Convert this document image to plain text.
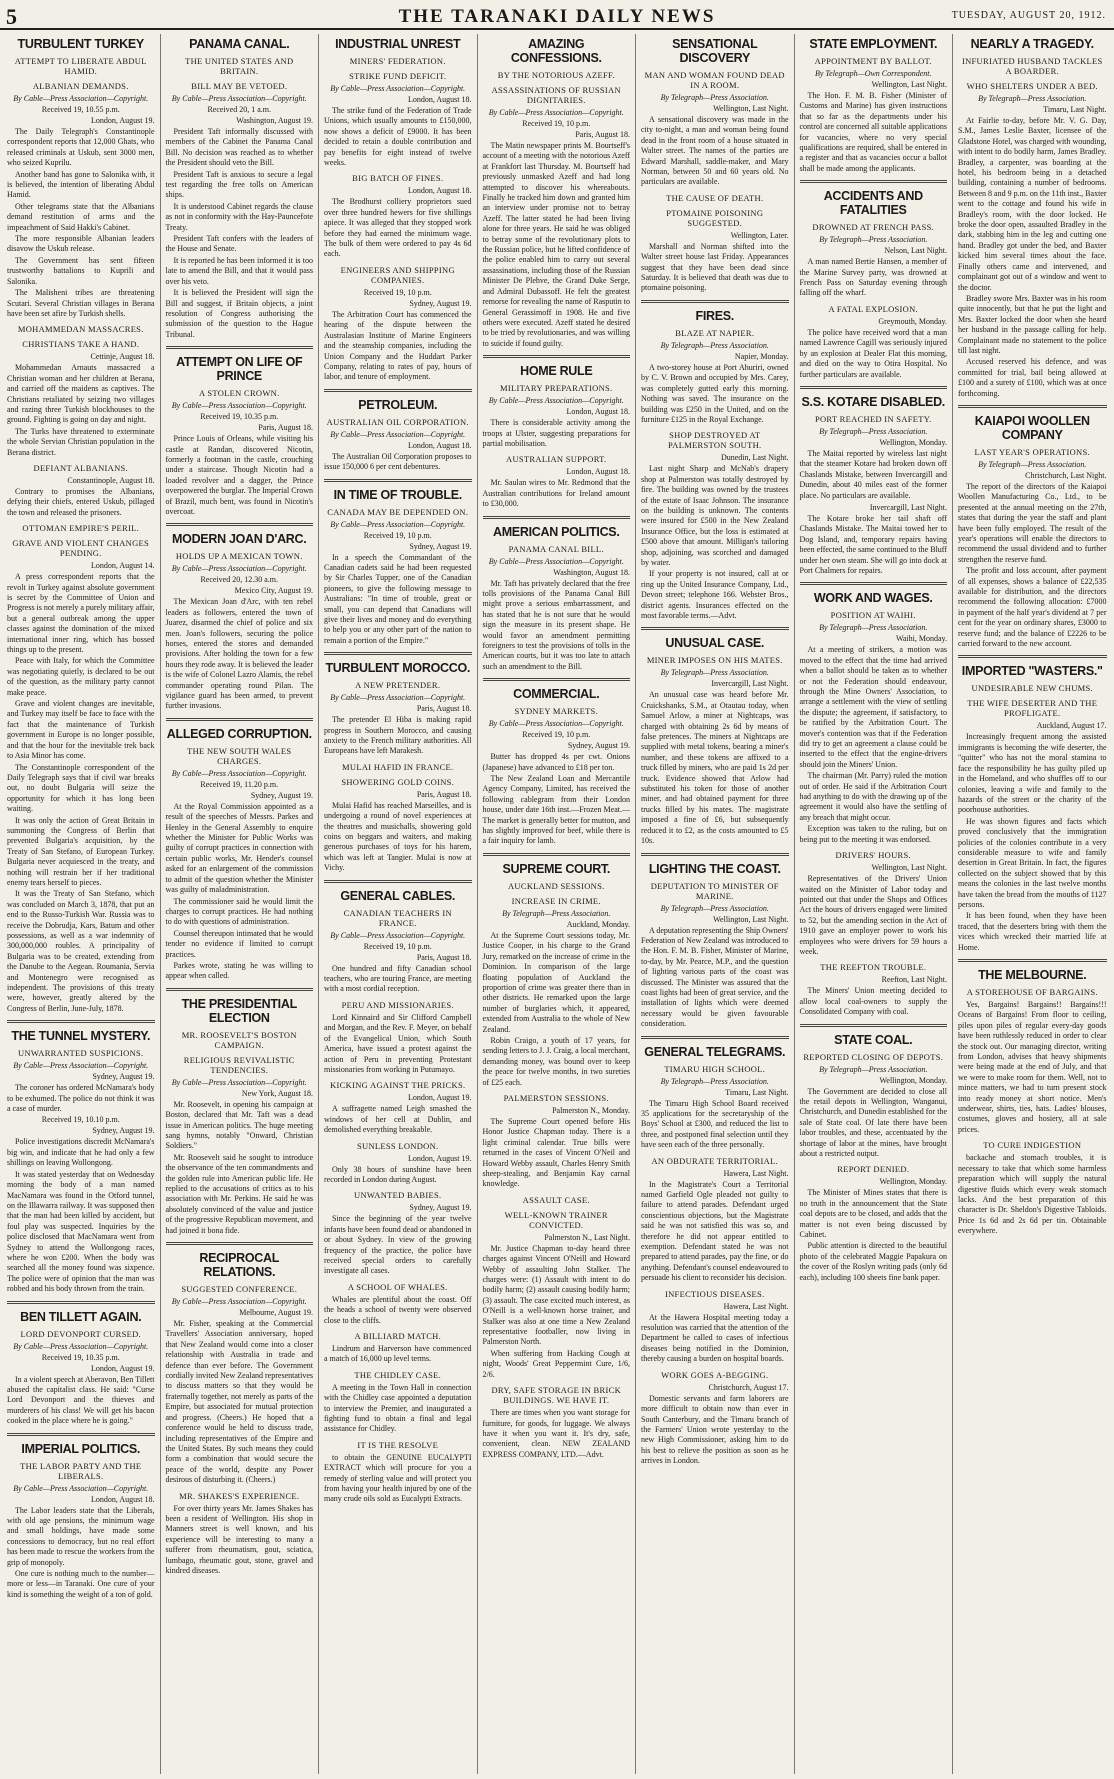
5	THE TARANAKI DAILY NEWS	TUESDAY, AUGUST 20, 1912.
TURBULENT TURKEY
ATTEMPT TO LIBERATE ABDUL HAMID.
ALBANIAN DEMANDS.
By Cable—Press Association—Copyright.
Received 19, 10.55 p.m.
London, August 19.
The Daily Telegraph's Constantinople correspondent reports that 12,000 Ghats, who released criminals at Uskub, sent 3000 men, who seized Kuprilu.
Another band has gone to Salonika with, it is believed, the intention of liberating Abdul Hamid.
Other telegrams state that the Albanians demand restitution of arms and the impeachment of Said Hakki's Cabinet.
The more responsible Albanian leaders disavow the Uskub release.
The Government has sent fifteen trustworthy battalions to Kuprili and Salonika.
The Malisheni tribes are threatening Scutari. Several Christian villages in Berana have been set afire by Turkish shells.
MOHAMMEDAN MASSACRES.
CHRISTIANS TAKE A HAND.
Cettinje, August 18.
Mohammedan Arnauts massacred a Christian woman and her children at Berana, and carried off the maidens as captives. The Christians retaliated by seizing two villages and razing three Turkish blockhouses to the ground. Fighting is going on day and night.
The Turks have threatened to exterminate the whole Servian Christian population in the Berana district.
DEFIANT ALBANIANS.
Constantinople, August 18.
Contrary to promises the Albanians, defying their chiefs, entered Uskub, pillaged the town and released the prisoners.
OTTOMAN EMPIRE'S PERIL.
GRAVE AND VIOLENT CHANGES PENDING.
London, August 14.
A press correspondent reports that the revolt in Turkey against absolute government is secret by the Committee of Union and Progress is not merely a purely military affair, but a general outbreak among the upper classes against the domination of the mixed international inner ring, which has bossed things up to the present.
Peace with Italy, for which the Committee was negotiating quietly, is declared to be out of the question, as the military party cannot make peace.
Grave and violent changes are inevitable, and Turkey may itself be face to face with the fact that the maintenance of Turkish government in Europe is no longer possible, and that the hour for the inevitable trek back to Asia Minor has come.
The Constantinople correspondent of the Daily Telegraph says that if civil war breaks out, no doubt Bulgaria will seize the opportunity for which it has long been waiting.
It was only the action of Great Britain in summoning the Congress of Berlin that prevented Bulgaria's acquisition, by the Treaty of San Stefano, of European Turkey. Bulgaria never acquiesced in the treaty, and nothing will restrain her if her traditional enemy tears herself to pieces.
It was the Treaty of San Stefano, which was concluded on March 3, 1878, that put an end to the Russo-Turkish War. Russia was to receive the Dobrudja, Kars, Batum and other possessions, as well as a war indemnity of 300,000,000 roubles. A principality of Bulgaria was to be created, extending from the Danube to the Aegean. Roumania, Servia and Montenegro were recognised as independent. The provisions of this treaty were, however, greatly altered by the Congress of Berlin, June-July, 1878.
THE TUNNEL MYSTERY.
UNWARRANTED SUSPICIONS.
By Cable—Press Association—Copyright.
Sydney, August 19.
The coroner has ordered McNamara's body to be exhumed. The police do not think it was a case of murder.
Received 19, 10.10 p.m.
Sydney, August 19.
Police investigations discredit McNamara's big win, and indicate that he had only a few shillings on leaving Wollongong.
It was stated yesterday that on Wednesday morning the body of a man named MacNamara was found in the Otford tunnel, on the Illawarra railway. It was supposed then that the man had been killed by accident, but foul play was suspected. Inquiries by the police disclosed that MacNamara went from Sydney to attend the Wollongong races, where he won £200. When the body was searched all the money found was sixpence. The police were of opinion that the man was robbed and his body thrown from the train.
BEN TILLETT AGAIN.
LORD DEVONPORT CURSED.
By Cable—Press Association—Copyright.
Received 19, 10.35 p.m.
London, August 19.
In a violent speech at Aberavon, Ben Tillett abused the capitalist class. He said: "Curse Lord Devonport and the thieves and murderers of his class! We will get his bacon cooked in the place where he is going."
IMPERIAL POLITICS.
THE LABOR PARTY AND THE LIBERALS.
By Cable—Press Association—Copyright.
London, August 18.
The Labor leaders state that the Liberals, with old age pensions, the minimum wage and small holdings, have made some concessions to democracy, but no real effort has been made to rescue the workers from the grip of monopoly.
One cure is nothing much to the number—more or less—in Taranaki. One cure of your kind is something the weight of a ton of gold.
PANAMA CANAL.
THE UNITED STATES AND BRITAIN.
BILL MAY BE VETOED.
By Cable—Press Association—Copyright.
Received 20, 1 a.m.
Washington, August 19.
President Taft informally discussed with members of the Cabinet the Panama Canal Bill. No decision was reached as to whether the President should veto the Bill.
President Taft is anxious to secure a legal test regarding the free tolls on American ships.
It is understood Cabinet regards the clause as not in conformity with the Hay-Pauncefote Treaty.
President Taft confers with the leaders of the House and Senate.
It is reported he has been informed it is too late to amend the Bill, and that it would pass over his veto.
It is believed the President will sign the Bill and suggest, if Britain objects, a joint resolution of Congress authorising the submission of the question to the Hague Tribunal.
ATTEMPT ON LIFE OF PRINCE
A STOLEN CROWN.
By Cable—Press Association—Copyright.
Received 19, 10.35 p.m.
Paris, August 18.
Prince Louis of Orleans, while visiting his castle at Randan, discovered Nicotin, formerly a footman in the castle, crouching under a staircase. Though Nicotin had a loaded revolver and a dagger, the Prince overpowered the burglar. The Imperial Crown of Brazil, much bent, was found in Nicotin's overcoat.
MODERN JOAN D'ARC.
HOLDS UP A MEXICAN TOWN.
By Cable—Press Association—Copyright.
Received 20, 12.30 a.m.
Mexico City, August 19.
The Mexican Joan d'Arc, with ten rebel leaders as followers, entered the town of Juarez, disarmed the chief of police and six men. Joan's followers, securing the police horses, entered the stores and demanded provisions. After holding the town for a few hours they rode away. It is believed the leader is the wife of Colonel Lazro Alamis, the rebel commander operating round Pilan. The vigilance guard has been armed, to prevent further invasions.
ALLEGED CORRUPTION.
THE NEW SOUTH WALES CHARGES.
By Cable—Press Association—Copyright.
Received 19, 11.20 p.m.
Sydney, August 19.
At the Royal Commission appointed as a result of the speeches of Messrs. Parkes and Henley in the General Assembly to enquire whether the Minister for Public Works was guilty of corrupt practices in connection with certain public works, Mr. Hender's counsel asked for an enlargement of the commission to admit of the question whether the Minister was guilty of maladministration.
The commissioner said he would limit the charges to corrupt practices. He had nothing to do with questions of administration.
Counsel thereupon intimated that he would tender no evidence if limited to corrupt practices.
Parkes wrote, stating he was willing to appear when called.
THE PRESIDENTIAL ELECTION
MR. ROOSEVELT'S BOSTON CAMPAIGN.
RELIGIOUS REVIVALISTIC TENDENCIES.
By Cable—Press Association—Copyright.
New York, August 18.
Mr. Roosevelt, in opening his campaign at Boston, declared that Mr. Taft was a dead issue in American politics. The huge meeting sang hymns, notably "Onward, Christian Soldiers."
Mr. Roosevelt said he sought to introduce the observance of the ten commandments and the golden rule into American public life. He replied to the accusations of critics as to his association with Mr. Perkins. He said he was absolutely convinced of the value and justice of the progressive Republican movement, and had joined it bona fide.
RECIPROCAL RELATIONS.
SUGGESTED CONFERENCE.
By Cable—Press Association—Copyright.
Melbourne, August 19.
Mr. Fisher, speaking at the Commercial Travellers' Association anniversary, hoped that New Zealand would come into a closer relationship with Australia in trade and defence than ever before. The Government cordially invited New Zealand representatives to discuss matters so that they would be fraternally together, not merely as parts of the Empire, but associated for mutual protection and progress. (Cheers.) He hoped that a conference would be held to discuss trade, including representatives of the Empire and the United States. By such means they could form a combination that would secure the peace of the world, despite any Power desirous of disturbing it. (Cheers.)
MR. SHAKES'S EXPERIENCE.
For over thirty years Mr. James Shakes has been a resident of Wellington. His shop in Manners street is well known, and his experience will be interesting to many a sufferer from rheumatism, gout, sciatica, lumbago, rheumatic gout, stone, gravel and kindred diseases.
INDUSTRIAL UNREST
MINERS' FEDERATION.
STRIKE FUND DEFICIT.
By Cable—Press Association—Copyright.
London, August 18.
The strike fund of the Federation of Trade Unions, which usually amounts to £150,000, now shows a deficit of £9000. It has been decided to retain a double contribution and pay benefits for eight instead of twelve weeks.
BIG BATCH OF FINES.
London, August 18.
The Brodhurst colliery proprietors sued over three hundred hewers for five shillings apiece. It was alleged that they stopped work before they had earned the minimum wage. The bulk of them were ordered to pay 4s 6d each.
ENGINEERS AND SHIPPING COMPANIES.
Received 19, 10 p.m.
Sydney, August 19.
The Arbitration Court has commenced the hearing of the dispute between the Australasian Institute of Marine Engineers and the steamship companies, including the Union Company and the Huddart Parker Company, relating to rates of pay, hours of labor, and tenure of employment.
PETROLEUM.
AUSTRALIAN OIL CORPORATION.
By Cable—Press Association—Copyright.
London, August 18.
The Australian Oil Corporation proposes to issue 150,000 6 per cent debentures.
IN TIME OF TROUBLE.
CANADA MAY BE DEPENDED ON.
By Cable—Press Association—Copyright.
Received 19, 10 p.m.
Sydney, August 19.
In a speech the Commandant of the Canadian cadets said he had been requested by Sir Charles Tupper, one of the Canadian pioneers, to give the following message to Australians: "In time of trouble, great or small, you can depend that Canadians will give their lives and money and do everything to help you or any other part of the nation to remain a portion of the Empire."
TURBULENT MOROCCO.
A NEW PRETENDER.
By Cable—Press Association—Copyright.
Paris, August 18.
The pretender El Hiba is making rapid progress in Southern Morocco, and causing anxiety to the French military authorities. All Europeans have left Marakesh.
MULAI HAFID IN FRANCE.
SHOWERING GOLD COINS.
Paris, August 18.
Mulai Hafid has reached Marseilles, and is undergoing a round of novel experiences at the theatres and musichalls, showering gold coins on beggars and waiters, and making generous purchases of toys for his harem, which was left at Tangier. Mulai is now at Vichy.
GENERAL CABLES.
CANADIAN TEACHERS IN FRANCE.
By Cable—Press Association—Copyright.
Received 19, 10 p.m.
Paris, August 18.
One hundred and fifty Canadian school teachers, who are touring France, are meeting with a most cordial reception.
PERU AND MISSIONARIES.
Lord Kinnaird and Sir Clifford Campbell and Morgan, and the Rev. F. Meyer, on behalf of the Evangelical Union, which South America, have issued a protest against the action of Peru in preventing Protestant missionaries from working in Putumayo.
KICKING AGAINST THE PRICKS.
London, August 19.
A suffragette named Leigh smashed the windows of her cell at Dublin, and demolished everything breakable.
SUNLESS LONDON.
London, August 19.
Only 38 hours of sunshine have been recorded in London during August.
UNWANTED BABIES.
Sydney, August 19.
Since the beginning of the year twelve infants have been found dead or abandoned in or about Sydney. In view of the growing frequency of the practice, the police have received special orders to carefully investigate all cases.
A SCHOOL OF WHALES.
Whales are plentiful about the coast. Off the heads a school of twenty were observed close to the cliffs.
A BILLIARD MATCH.
Lindrum and Harverson have commenced a match of 16,000 up level terms.
THE CHIDLEY CASE.
A meeting in the Town Hall in connection with the Chidley case appointed a deputation to interview the Premier, and inaugurated a fighting fund to obtain a final and legal assistance for Chidley.
IT IS THE RESOLVE
to obtain the GENUINE EUCALYPTI EXTRACT which will procure for you a remedy of sterling value and will protect you from having your health injured by one of the many crude oils sold as Eucalypti Extracts.
AMAZING CONFESSIONS.
BY THE NOTORIOUS AZEFF.
ASSASSINATIONS OF RUSSIAN DIGNITARIES.
By Cable—Press Association—Copyright.
Received 19, 10 p.m.
Paris, August 18.
The Matin newspaper prints M. Bourtseff's account of a meeting with the notorious Azeff at Frankfort last Thursday. M. Bourtseff had previously unmasked Azeff and had long attempted to discover his whereabouts. Finally he tracked him down and granted him an interview under promise not to betray Azeff. The latter stated he had been living alone for three years. He said he was obliged to betray some of the revolutionary plots to the Russian police, but he lifted confidence of the police enabled him to carry out several assassinations, including those of the Russian Minister De Plehve, the Grand Duke Serge, and Admiral Dubassoff. He felt the greatest remorse for revealing the name of Rasputin to General Gerassimoff in 1908. He and five others were executed. Azeff stated he desired to be tried by revolutionaries, and was willing to suicide if found guilty.
HOME RULE
MILITARY PREPARATIONS.
By Cable—Press Association—Copyright.
London, August 18.
There is considerable activity among the troops at Ulster, suggesting preparations for partial mobilisation.
AUSTRALIAN SUPPORT.
London, August 18.
Mr. Saulan wires to Mr. Redmond that the Australian contributions for Ireland amount to £30,000.
AMERICAN POLITICS.
PANAMA CANAL BILL.
By Cable—Press Association—Copyright.
Washington, August 18.
Mr. Taft has privately declared that the free tolls provisions of the Panama Canal Bill might prove a serious embarrassment, and has stated that he is not sure that he would sign the measure in its present shape. He would favor an amendment permitting foreigners to test the provisions of tolls in the American courts, but it was too late to attach such an amendment to the Bill.
COMMERCIAL.
SYDNEY MARKETS.
By Cable—Press Association—Copyright.
Received 19, 10 p.m.
Sydney, August 19.
Butter has dropped 4s per cwt. Onions (Japanese) have advanced to £18 per ton.
The New Zealand Loan and Mercantile Agency Company, Limited, has received the following cablegram from their London house, under date 16th inst.—Frozen Meat.—The market is generally better for mutton, and has slightly improved for beef, while there is a fair inquiry for lamb.
SUPREME COURT.
AUCKLAND SESSIONS.
INCREASE IN CRIME.
By Telegraph—Press Association.
Auckland, Monday.
At the Supreme Court sessions today, Mr. Justice Cooper, in his charge to the Grand Jury, remarked on the increase of crime in the Dominion. In comparison of the large floating population of Auckland the proportion of crime was greater there than in other districts. He remarked upon the large number of burglaries which, it appeared, extended from Australia to the whole of New Zealand.
Robin Craigo, a youth of 17 years, for sending letters to J. J. Craig, a local merchant, demanding money, was bound over to keep the peace for twelve months, in two sureties of £25 each.
PALMERSTON SESSIONS.
Palmerston N., Monday.
The Supreme Court opened before His Honor Justice Chapman today. There is a light criminal calendar. True bills were returned in the cases of Vincent O'Neil and Howard Webby assault, Charles Henry Smith sheep-stealing, and Benjamin Kay carnal knowledge.
ASSAULT CASE.
WELL-KNOWN TRAINER CONVICTED.
Palmerston N., Last Night.
Mr. Justice Chapman to-day heard three charges against Vincent O'Neill and Howard Webby of assaulting John Stalker. The charges were: (1) Assault with intent to do bodily harm; (2) assault causing bodily harm; (3) assault. The case excited much interest, as O'Neill is a well-known horse trainer, and Stalker was also at one time a New Zealand representative footballer, now living in Palmerston North.
When suffering from Hacking Cough at night, Woods' Great Peppermint Cure, 1/6, 2/6.
DRY, SAFE STORAGE IN BRICK BUILDINGS. WE HAVE IT.
There are times when you want storage for furniture, for goods, for luggage. We always have it when you want it. It's dry, safe, convenient, clean. NEW ZEALAND EXPRESS COMPANY, LTD.—Advt.
SENSATIONAL DISCOVERY
MAN AND WOMAN FOUND DEAD IN A ROOM.
By Telegraph—Press Association.
Wellington, Last Night.
A sensational discovery was made in the city to-night, a man and woman being found dead in the front room of a house situated in Walter street. The names of the parties are Edward Marshall, saddle-maker, and Mary Norman, between 50 and 60 years old. No particulars are available.
THE CAUSE OF DEATH.
PTOMAINE POISONING SUGGESTED.
Wellington, Later.
Marshall and Norman shifted into the Walter street house last Friday. Appearances suggest that they have been dead since Saturday. It is believed that death was due to ptomaine poisoning.
FIRES.
BLAZE AT NAPIER.
By Telegraph—Press Association.
Napier, Monday.
A two-storey house at Port Ahuriri, owned by C. V. Brown and occupied by Mrs. Carey, was completely gutted early this morning. Nothing was saved. The insurance on the building was £250 in the United, and on the furniture £125 in the Royal Exchange.
SHOP DESTROYED AT PALMERSTON SOUTH.
Dunedin, Last Night.
Last night Sharp and McNab's drapery shop at Palmerston was totally destroyed by fire. The building was owned by the trustees of the estate of Isaac Johnson. The insurance on the building is unknown. The contents were insured for £500 in the New Zealand Insurance Office, but the loss is estimated at £500 above that amount. Milligan's tailoring shop, adjoining, was scorched and damaged by water.
If your property is not insured, call at or ring up the United Insurance Company, Ltd., Devon street; telephone 166. Webster Bros., district agents. Insurances effected on the most favorable terms.—Advt.
UNUSUAL CASE.
MINER IMPOSES ON HIS MATES.
By Telegraph—Press Association.
Invercargill, Last Night.
An unusual case was heard before Mr. Cruickshanks, S.M., at Otautau today, when Samuel Arlow, a miner at Nightcaps, was charged with obtaining 2s 6d by means of false pretences. The miners at Nightcaps are supplied with metal tokens, bearing a miner's number, and these tokens are affixed to a truck filled by miners, who are paid 1s 2d per truck. Evidence showed that Arlow had substituted his token for those of another miner, and had obtained payment for three trucks filled by his mates. The magistrate imposed a fine of £6, but subsequently reduced it to £2, as the costs amounted to £5 10s.
LIGHTING THE COAST.
DEPUTATION TO MINISTER OF MARINE.
By Telegraph—Press Association.
Wellington, Last Night.
A deputation representing the Ship Owners' Federation of New Zealand was introduced to the Hon. F. M. B. Fisher, Minister of Marine, to-day, by Mr. Pearce, M.P., and the question of lighting various parts of the coast was discussed. The Minister was assured that the coast lights had been of great service, and the installation of lights which were deemed necessary would be given favourable consideration.
GENERAL TELEGRAMS.
TIMARU HIGH SCHOOL.
By Telegraph—Press Association.
Timaru, Last Night.
The Timaru High School Board received 35 applications for the secretaryship of the Boys' School at £300, and reduced the list to three, and postponed final selection until they have seen each of the three personally.
AN OBDURATE TERRITORIAL.
Hawera, Last Night.
In the Magistrate's Court a Territorial named Garfield Ogle pleaded not guilty to failure to attend parades. Defendant urged conscientious objections, but the Magistrate said he was not satisfied this was so, and therefore he did not appear entitled to exemption. Defendant stated he was not prepared to attend parades, pay the fine, or do anything. Defendant's counsel endeavoured to persuade his client to reconsider his decision.
INFECTIOUS DISEASES.
Hawera, Last Night.
At the Hawera Hospital meeting today a resolution was carried that the attention of the Department be called to cases of infectious diseases being notified in the Dominion, thereby causing a burden on hospital boards.
WORK GOES A-BEGGING.
Christchurch, August 17.
Domestic servants and farm laborers are more difficult to obtain now than ever in South Canterbury, and the Timaru branch of the Farmers' Union wrote yesterday to the new High Commissioner, asking him to do his best to relieve the position as soon as he arrives in London.
STATE EMPLOYMENT.
APPOINTMENT BY BALLOT.
By Telegraph—Own Correspondent.
Wellington, Last Night.
The Hon. F. M. B. Fisher (Minister of Customs and Marine) has given instructions that so far as the departments under his control are concerned all suitable applications for vacancies, where no very special qualifications are required, shall be entered in a register and that as vacancies occur a ballot shall be made among the applicants.
ACCIDENTS AND FATALITIES
DROWNED AT FRENCH PASS.
By Telegraph—Press Association.
Nelson, Last Night.
A man named Bertie Hansen, a member of the Marine Survey party, was drowned at French Pass on Saturday evening through falling off the wharf.
A FATAL EXPLOSION.
Greymouth, Monday.
The police have received word that a man named Lawrence Cagill was seriously injured by an explosion at Dealer Flat this morning, and died on the way to Otira Hospital. No further particulars are available.
S.S. KOTARE DISABLED.
PORT REACHED IN SAFETY.
By Telegraph—Press Association.
Wellington, Monday.
The Maitai reported by wireless last night that the steamer Kotare had broken down off Chaslands Mistake, between Invercargill and Dunedin, about 40 miles east of the former place. No particulars are available.
Invercargill, Last Night.
The Kotare broke her tail shaft off Chaslands Mistake. The Maitai towed her to Dog Island, and, temporary repairs having been effected, the same continued to the Bluff under her own steam. She will go into dock at Port Chalmers for repairs.
WORK AND WAGES.
POSITION AT WAIHI.
By Telegraph—Press Association.
Waihi, Monday.
At a meeting of strikers, a motion was moved to the effect that the time had arrived when a ballot should be taken as to whether or not the Federation should endeavour, through the Mine Owners' Association, to arrange a settlement with the view of settling the dispute; the agreement, if satisfactory, to be ratified by the Arbitration Court. The mover's contention was that if the Federation did try to get an agreement a clause could be inserted to the effect that the engine-drivers should join the Miners' Union.
The chairman (Mr. Parry) ruled the motion out of order. He said if the Arbitration Court had anything to do with the drawing up of the agreement it would also have the settling of any breach that might occur.
Exception was taken to the ruling, but on being put to the meeting it was endorsed.
DRIVERS' HOURS.
Wellington, Last Night.
Representatives of the Drivers' Union waited on the Minister of Labor today and pointed out that under the Shops and Offices Act the hours of drivers engaged were limited to 52, but the amending section in the Act of 1910 gave an employer power to work his employees who were drivers for 59 hours a week.
THE REEFTON TROUBLE.
Reefton, Last Night.
The Miners' Union meeting decided to allow local coal-owners to supply the Consolidated Company with coal.
STATE COAL.
REPORTED CLOSING OF DEPOTS.
By Telegraph—Press Association.
Wellington, Monday.
The Government are decided to close all the retail depots in Wellington, Wanganui, Christchurch, and Dunedin established for the sale of State coal. Of late there have been labor troubles, and these, accentuated by the shortage of labor at the mines, have brought about a restricted output.
REPORT DENIED.
Wellington, Monday.
The Minister of Mines states that there is no truth in the announcement that the State coal depots are to be closed, and adds that the matter is not even being discussed by Cabinet.
Public attention is directed to the beautiful photo of the celebrated Maggie Papakura on the cover of the Roslyn writing pads (only 6d each), including 100 sheets fine bank paper.
NEARLY A TRAGEDY.
INFURIATED HUSBAND TACKLES A BOARDER.
WHO SHELTERS UNDER A BED.
By Telegraph—Press Association.
Timaru, Last Night.
At Fairlie to-day, before Mr. V. G. Day, S.M., James Leslie Baxter, licensee of the Gladstone Hotel, was charged with wounding, with intent to do bodily harm, James Bradley. Bradley, a carpenter, was boarding at the hotel, his bedroom being in a detached building, containing a number of bedrooms. Between 8 and 9 p.m. on the 11th inst., Baxter went to the cottage and found his wife in Bradley's room, with the door locked. He broke the door open, assaulted Bradley in the dark, stabbing him in the leg and cutting one hand. Bradley got under the bed, and Baxter kicked him several times about the face. Finally others came and intervened, and complainant got out of a window and went to the doctor.
Bradley swore Mrs. Baxter was in his room quite innocently, but that he put the light and Mrs. Baxter locked the door when she heard her husband in the passage calling for help. Complainant made no statement to the police till last night.
Accused reserved his defence, and was committed for trial, bail being allowed at £100 and a surety of £100, which was at once forthcoming.
KAIAPOI WOOLLEN COMPANY
LAST YEAR'S OPERATIONS.
By Telegraph—Press Association.
Christchurch, Last Night.
The report of the directors of the Kaiapoi Woollen Manufacturing Co., Ltd., to be presented at the annual meeting on the 27th, states that during the year the staff and plant have been fully employed. The result of the year's operations will enable the directors to recommend the usual dividend and to further strengthen the reserve fund.
The profit and loss account, after payment of all expenses, shows a balance of £22,535 available for distribution, and the directors recommend the following allocation: £7000 in payment of the half year's dividend at 7 per cent for the year on ordinary shares, £3000 to reserve fund; and the balance of £2226 to be carried forward to the new account.
IMPORTED "WASTERS."
UNDESIRABLE NEW CHUMS.
THE WIFE DESERTER AND THE PROFLIGATE.
Auckland, August 17.
Increasingly frequent among the assisted immigrants is becoming the wife deserter, the "quitter" who has not the moral stamina to face the responsibility he has guilty piled up in the Homeland, and who shuffles off to our colonies, leaving a wife and family to the hazards of the street or the charity of the poorhouse authorities.
He was shown figures and facts which proved conclusively that the immigration policies of the colonies contribute in a very considerable measure to wife and family desertion in Great Britain. In fact, the figures collected on the subject showed that by this means the colonies in the last twelve months have taken the bread from the mouths of 1127 persons.
It has been found, when they have been traced, that the deserters bring with them the vices which wrecked their married life at Home.
THE MELBOURNE.
A STOREHOUSE OF BARGAINS.
Yes, Bargains! Bargains!! Bargains!!! Oceans of Bargains! From floor to ceiling, piles upon piles of regular every-day goods have been ruthlessly reduced in order to clear the stock out. Our managing director, writing from London, advises that heavy shipments were being made at the end of July, and that we were to make room for them. Well, not to mince matters, we had to turn present stock into ready money at short notice. Men's underwear, shirts, ties, hats. Ladies' blouses, costumes, gloves and hosiery, all at sale prices.
TO CURE INDIGESTION
backache and stomach troubles, it is necessary to take that which some harmless preparation which will supply the natural digestive fluids which every weak stomach lacks. And the best preparation of this character is Dr. Sheldon's Digestive Tabloids. Price 1s 6d and 2s 6d per tin. Obtainable everywhere.
